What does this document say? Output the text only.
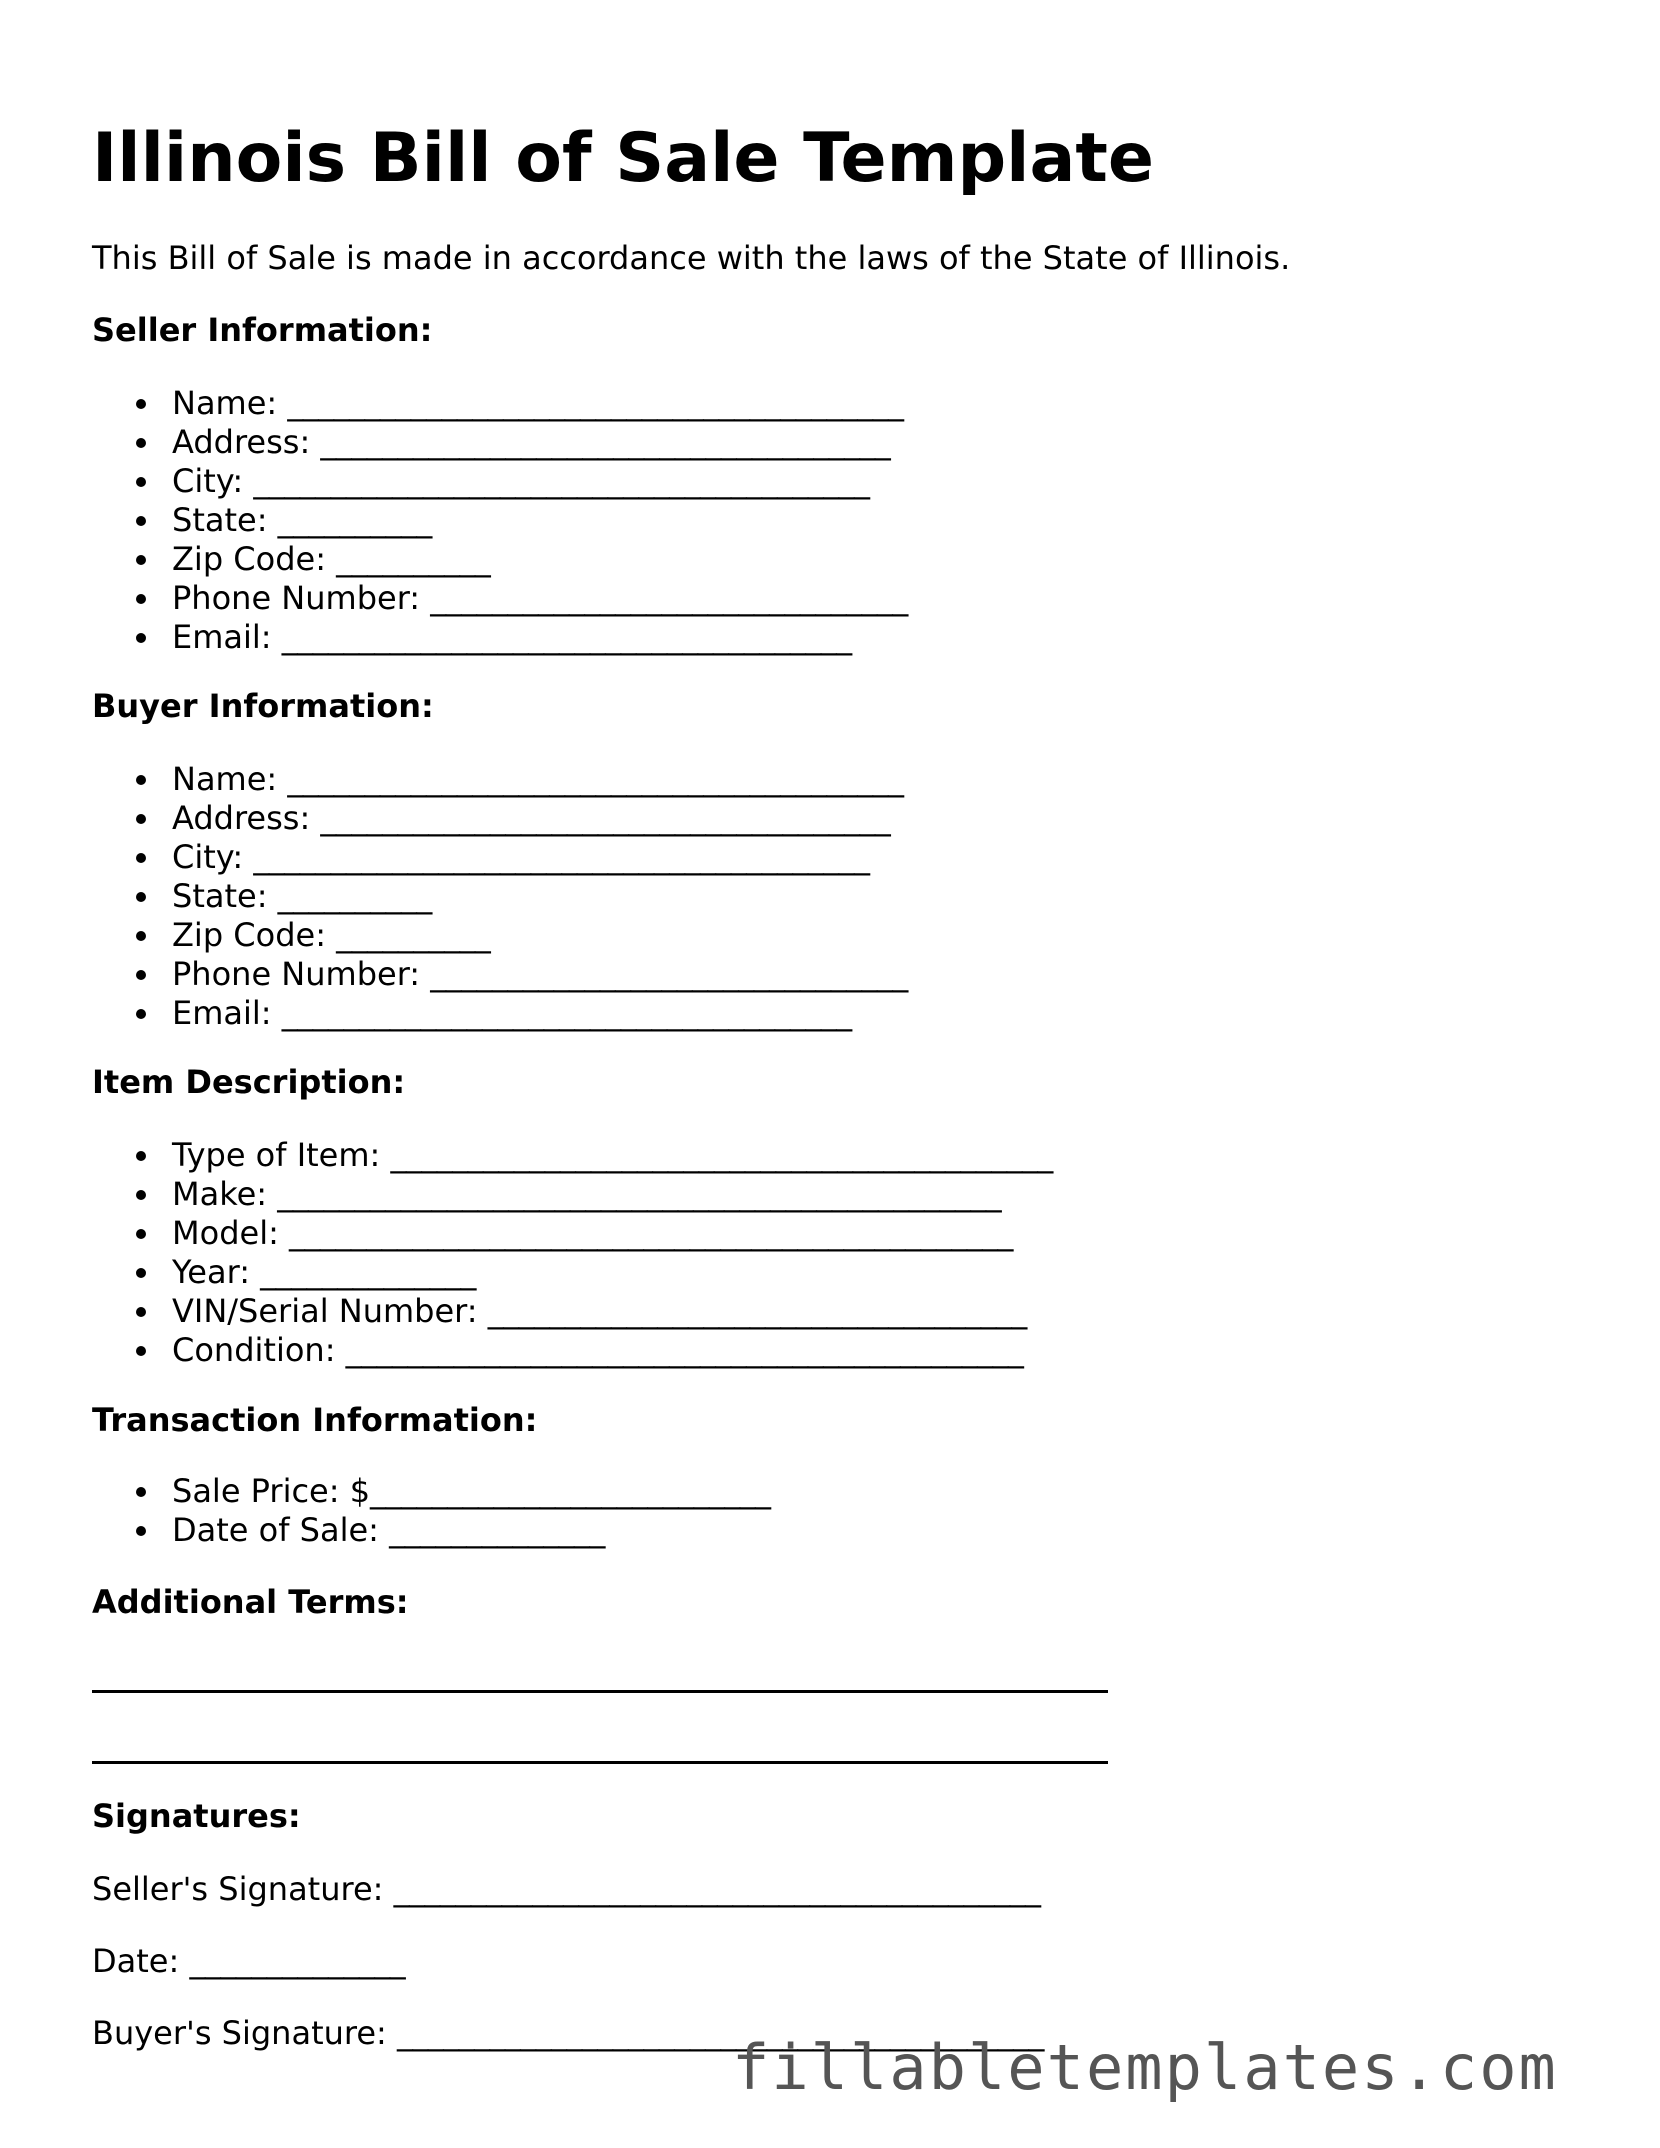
Illinois Bill of Sale Template

This Bill of Sale is made in accordance with the laws of the State of Illinois.

Seller Information:
Name: ________________________________________
Address: _____________________________________
City: ________________________________________
State: __________
Zip Code: __________
Phone Number: _______________________________
Email: _____________________________________
Buyer Information:
Name: ________________________________________
Address: _____________________________________
City: ________________________________________
State: __________
Zip Code: __________
Phone Number: _______________________________
Email: _____________________________________
Item Description:
Type of Item: ___________________________________________
Make: _______________________________________________
Model: _______________________________________________
Year: ______________
VIN/Serial Number: ___________________________________
Condition: ____________________________________________
Transaction Information:
Sale Price: $__________________________
Date of Sale: ______________
Additional Terms:
Signatures:
Seller's Signature: __________________________________________
Date: ______________
Buyer's Signature: __________________________________________
fillabletemplates.com
